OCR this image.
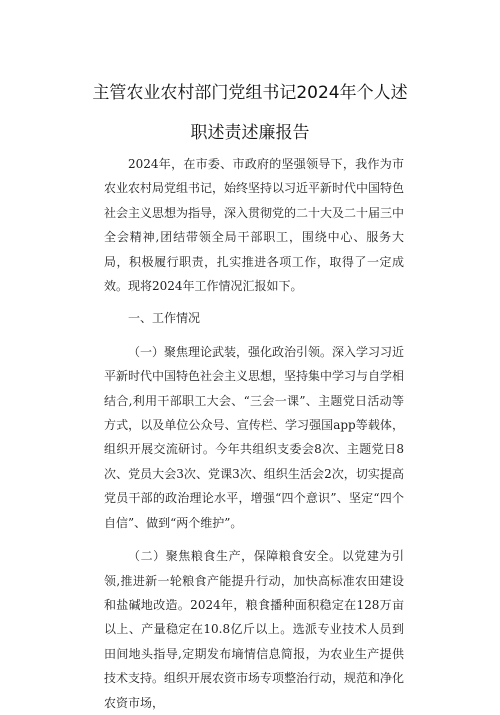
主管农业农村部门党组书记2024年个人述
职述责述廉报告

2024年，在市委、市政府的坚强领导下，我作为市农业农村局党组书记，始终坚持以习近平新时代中国特色社会主义思想为指导，深入贯彻党的二十大及二十届三中全会精神,团结带领全局干部职工，围绕中心、服务大局，积极履行职责，扎实推进各项工作，取得了一定成效。现将2024年工作情况汇报如下。

一、工作情况

（一）聚焦理论武装，强化政治引领。深入学习习近平新时代中国特色社会主义思想，坚持集中学习与自学相结合,利用干部职工大会、“三会一课”、主题党日活动等方式，以及单位公众号、宣传栏、学习强国app等载体，组织开展交流研讨。今年共组织支委会8次、主题党日8次、党员大会3次、党课3次、组织生活会2次，切实提高党员干部的政治理论水平，增强“四个意识”、坚定“四个自信”、做到“两个维护”。

（二）聚焦粮食生产，保障粮食安全。以党建为引领,推进新一轮粮食产能提升行动，加快高标准农田建设和盐碱地改造。2024年，粮食播种面积稳定在128万亩以上、产量稳定在10.8亿斤以上。选派专业技术人员到田间地头指导,定期发布墒情信息简报，为农业生产提供技术支持。组织开展农资市场专项整治行动，规范和净化农资市场，
